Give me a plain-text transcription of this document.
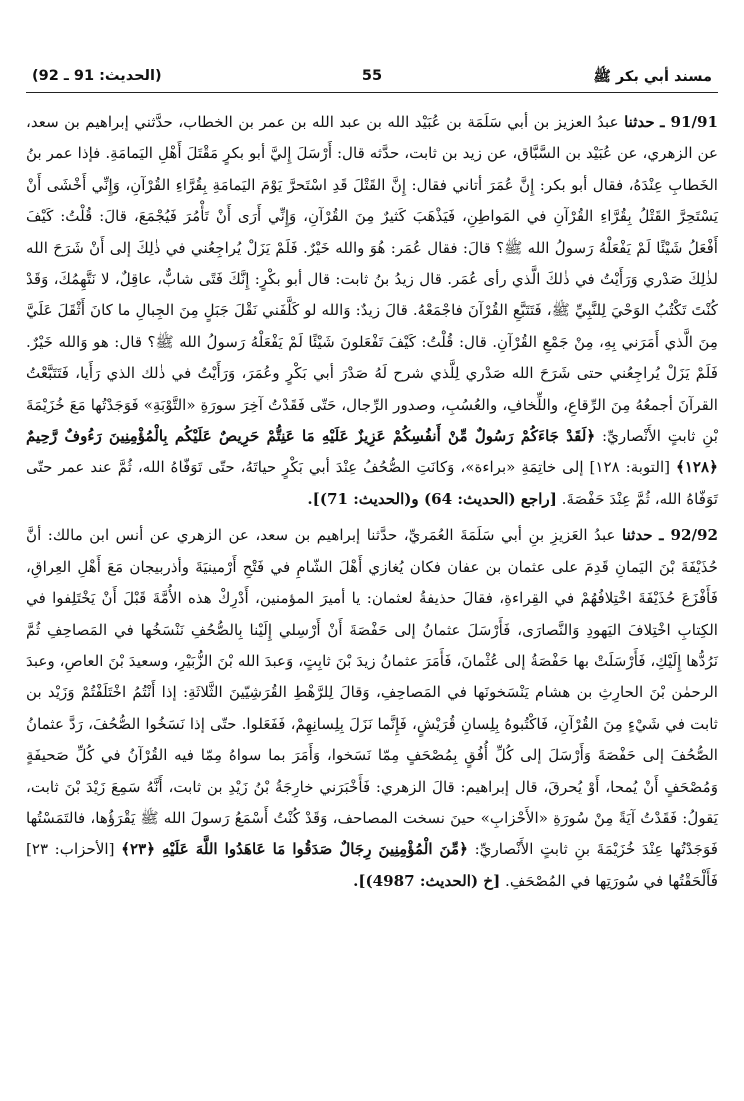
مسند أبي بكر ﷺ
55
(الحديث: 91 ـ 92)

91/91 ـ حدثنا عبدُ العزيز بن أبي سَلَمَة بن عُبَيْد الله بن عبد الله بن عمر بن الخطاب، حدَّثني إبراهيم بن سعد، عن الزهري، عن عُبَيْد بن السَّبَّاق، عن زيد بن ثابت، حدَّثه قال: أَرْسَلَ إِليَّ أبو بكرٍ مَقْتَلَ أَهْلِ اليَمامَةِ. فإذا عمر بنُ الخَطابِ عِنْدَهُ، فقال أبو بكر: إِنَّ عُمَرَ أتاني فقال: إِنَّ القَتْلَ قَدِ اسْتَحرَّ يَوْمَ اليَمامَةِ بِقُرَّاءِ القُرْآنِ، وَإِنِّي أَخْشَى أَنْ يَسْتَحِرَّ القَتْلُ بِقُرَّاءِ القُرْآنِ في المَواطِنِ، فَيَذْهَبَ كَثيرٌ مِنَ القُرْآنِ، وَإِنِّي أَرَى أَنْ تَأْمُرَ فَيُجْمَعَ، قالَ: قُلْتُ: كَيْفَ أَفْعَلُ شَيْئًا لَمْ يَفْعَلْهُ رَسولُ الله ﷺ؟ قالَ: فقال عُمَر: هُوَ والله خَيْرٌ. فَلَمْ يَزَلْ يُراجِعُني في ذٰلِكَ إلى أَنْ شَرَحَ الله لذٰلِكَ صَدْري وَرَأَيْتُ في ذٰلكَ الَّذي رأى عُمَر. قال زيدُ بنُ ثابت: قال أبو بكْرٍ: إِنَّكَ فَتًى شابٌّ، عاقِلٌ، لا نَتَّهِمُكَ، وَقَدْ كُنْتَ تَكْتُبُ الوَحْيَ لِلنَّبِيِّ ﷺ، فَتَتَبَّعِ القُرْآنَ فاجْمَعْهُ. قالَ زيدٌ: وَالله لو كَلَّفَني نَقْلَ جَبَلٍ مِنَ الجِبالِ ما كانَ أَثْقَلَ عَلَيَّ مِنَ الَّذي أَمَرَني بِهِ، مِنْ جَمْعِ القُرْآنِ. قال: قُلْتُ: كَيْفَ تَفْعَلونَ شَيْئًا لَمْ يَفْعَلْهُ رَسولُ الله ﷺ؟ قال: هو وَالله خَيْرٌ. فَلَمْ يَزَلْ يُراجِعُني حتى شَرَحَ الله صَدْري لِلَّذي شرح لَهُ صَدْرَ أبي بَكْرٍ وعُمَرَ، وَرَأَيْتُ في ذٰلك الذي رَأَيا، فَتَتَبَّعْتُ القرآنَ أجمعُهُ مِنَ الرِّقاعِ، واللِّخافِ، والعُسُبِ، وصدور الرِّجال، حَتّى فَقَدْتُ آخِرَ سورَةِ «التَّوْبَةِ» فَوَجَدْتُها مَعَ خُزَيْمَةَ بْنِ ثابتٍ الأَنْصاريِّ: ﴿لَقَدْ جَاءَكُمْ رَسُولٌ مِّنْ أَنفُسِكُمْ عَزِيزٌ عَلَيْهِ مَا عَنِتُّمْ حَرِيصٌ عَلَيْكُم بِالْمُؤْمِنِينَ رَءُوفٌ رَّحِيمٌ ﴿١٢٨﴾ [التوبة: ١٢٨] إلى خاتِمَةِ «براءة»، وَكانَتِ الصُّحُفُ عِنْدَ أبي بَكْرٍ حياتَهُ، حتّى تَوَفّاهُ الله، ثُمَّ عند عمر حتّى تَوَفّاهُ الله، ثُمَّ عِنْدَ حَفْصَةَ. [راجع (الحديث: 64) و(الحديث: 71)].

92/92 ـ حدثنا عبدُ العَزيزِ بنِ أبي سَلَمَةَ العُمَريِّ، حدَّثنا إبراهيم بن سعد، عن الزهري عن أنس ابن مالك: أنَّ حُذَيْفَةَ بْنَ اليَمانِ قَدِمَ على عثمان بن عفان فكان يُغازي أَهْلَ الشّامِ في فَتْحِ أَرْمينيَةَ وأذربيجان مَعَ أَهْلِ العِراقِ، فَأَفْزَعَ حُذَيْفَةَ اخْتِلافُهُمْ في القِراءةِ، فقالَ حذيفةُ لعثمان: يا أميرَ المؤمنين، أَدْرِكْ هذه الأُمَّةَ قَبْلَ أَنْ يَخْتَلِفوا في الكِتابِ اخْتِلافَ اليَهودِ وَالنَّصارَى، فَأَرْسَلَ عثمانُ إلى حَفْصَةَ أَنْ أَرْسِلي إِلَيْنا بِالصُّحُفِ نَنْسَخُها في المَصاحِفِ ثُمَّ نَرُدُّها إِلَيْكِ، فَأَرْسَلَتْ بها حَفْصَةُ إلى عُثْمانَ، فَأَمَرَ عثمانُ زيدَ بْنَ ثابِتٍ، وَعبدَ الله بْنَ الزُّبَيْرِ، وسعيدَ بْنَ العاصِ، وعبدَ الرحمٰن بْنَ الحارِثِ بن هشام يَنْسَخونَها في المَصاحِفِ، وَقالَ لِلرَّهْطِ القُرَشِيّينَ الثَّلاثَةِ: إذا أَنْتُمُ اخْتَلَفْتُمْ وَزَيْد بن ثابت في شَيْءٍ مِنَ القُرْآنِ، فَاكْتُبوهُ بِلِسانِ قُرَيْشٍ، فَإِنَّما نَزَلَ بِلِسانِهِمْ، فَفَعَلوا. حتّى إذا نَسَخُوا الصُّحُفَ، رَدَّ عثمانُ الصُّحُفَ إلى حَفْصَةَ وَأَرْسَلَ إلى كُلِّ أُفُقٍ بِمُصْحَفٍ مِمّا نَسَخوا، وَأَمَرَ بما سواهُ مِمّا فيه القُرْآنُ في كُلِّ صَحيفَةٍ وَمُصْحَفٍ أَنْ يُمحا، أَوْ يُحرقَ، قال إبراهيم: قالَ الزهري: فَأَخْبَرَني خارِجَةُ بْنُ زَيْدِ بن ثابت، أَنَّهُ سَمِعَ زَيْدَ بْنَ ثابت، يَقولُ: فَقَدْتُ آيَةً مِنْ سُورَةِ «الأَحْزابِ» حينَ نسخت المصاحف، وَقَدْ كُنْتُ أَسْمَعُ رَسولَ الله ﷺ يَقْرَؤُها، فالتَمَسْتُها فَوَجَدْتُها عِنْدَ خُزَيْمَةَ بنِ ثابتٍ الأَنْصاريِّ: ﴿مِّنَ الْمُؤْمِنِينَ رِجَالٌ صَدَقُوا مَا عَاهَدُوا اللَّهَ عَلَيْهِ ﴿٢٣﴾ [الأحزاب: ٢٣] فَأَلْحَقْتُها في سُورَتِها في المُصْحَفِ. [خ (الحديث: 4987)].
